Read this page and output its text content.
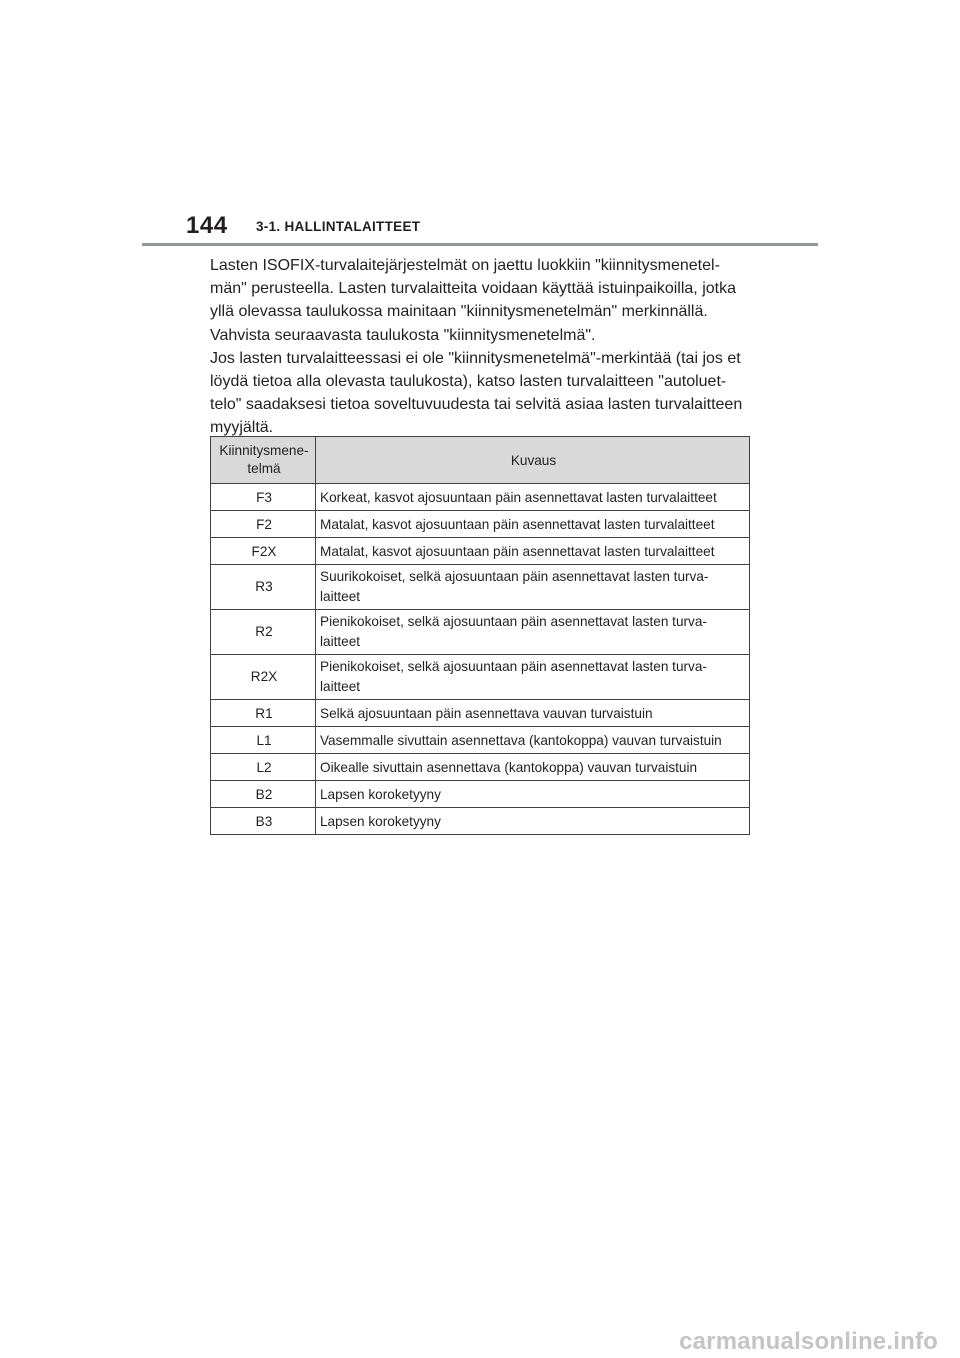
144 3-1. HALLINTALAITTEET

Lasten ISOFIX-turvalaitejärjestelmät on jaettu luokkiin "kiinnitysmenetel-
män" perusteella. Lasten turvalaitteita voidaan käyttää istuinpaikoilla, jotka
yllä olevassa taulukossa mainitaan "kiinnitysmenetelmän" merkinnällä.
Vahvista seuraavasta taulukosta "kiinnitysmenetelmä".
Jos lasten turvalaitteessasi ei ole "kiinnitysmenetelmä"-merkintää (tai jos et
löydä tietoa alla olevasta taulukosta), katso lasten turvalaitteen "autoluet-
telo" saadaksesi tietoa soveltuvuudesta tai selvitä asiaa lasten turvalaitteen
myyjältä.

Kiinnitysmene-
telmä	Kuvaus
F3	Korkeat, kasvot ajosuuntaan päin asennettavat lasten turvalaitteet
F2	Matalat, kasvot ajosuuntaan päin asennettavat lasten turvalaitteet
F2X	Matalat, kasvot ajosuuntaan päin asennettavat lasten turvalaitteet
R3	Suurikokoiset, selkä ajosuuntaan päin asennettavat lasten turva-
laitteet
R2	Pienikokoiset, selkä ajosuuntaan päin asennettavat lasten turva-
laitteet
R2X	Pienikokoiset, selkä ajosuuntaan päin asennettavat lasten turva-
laitteet
R1	Selkä ajosuuntaan päin asennettava vauvan turvaistuin
L1	Vasemmalle sivuttain asennettava (kantokoppa) vauvan turvaistuin
L2	Oikealle sivuttain asennettava (kantokoppa) vauvan turvaistuin
B2	Lapsen koroketyyny
B3	Lapsen koroketyyny
carmanualsonline.info
